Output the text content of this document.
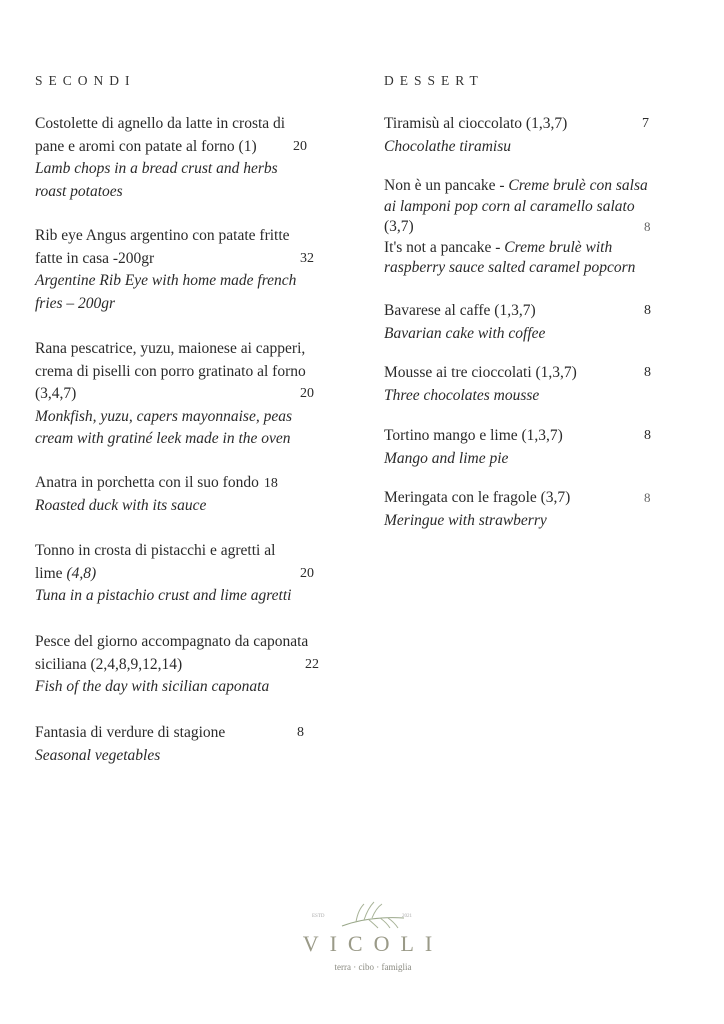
SECONDI
Costolette di agnello da latte in crosta di
pane e aromi con patate al forno (1)	20
Lamb chops in a bread crust and herbs
roast potatoes
Rib eye Angus argentino con patate fritte
fatte in casa -200gr	32
Argentine Rib Eye with home made french
fries – 200gr
Rana pescatrice, yuzu, maionese ai capperi,
crema di piselli con porro gratinato al forno
(3,4,7)	20
Monkfish, yuzu, capers mayonnaise, peas
cream with gratiné leek made in the oven
Anatra in porchetta con il suo fondo 18
Roasted duck with its sauce
Tonno in crosta di pistacchi e agretti al
lime (4,8)	20
Tuna in a pistachio crust and lime agretti
Pesce del giorno accompagnato da caponata
siciliana (2,4,8,9,12,14)	22
Fish of the day with sicilian caponata
Fantasia di verdure di stagione	8
Seasonal vegetables
DESSERT
Tiramisù al cioccolato (1,3,7)	7
Chocolathe tiramisu
Non è un pancake - Creme brulè con salsa
ai lamponi pop corn al caramello salato
(3,7)	8
It's not a pancake - Creme brulè with
raspberry sauce salted caramel popcorn
Bavarese al caffe (1,3,7)	8
Bavarian cake with coffee
Mousse ai tre cioccolati (1,3,7)	8
Three chocolates mousse
Tortino mango e lime (1,3,7)	8
Mango and lime pie
Meringata con le fragole (3,7)	8
Meringue with strawberry
ESTD	2021
VICOLI
terra · cibo · famiglia
